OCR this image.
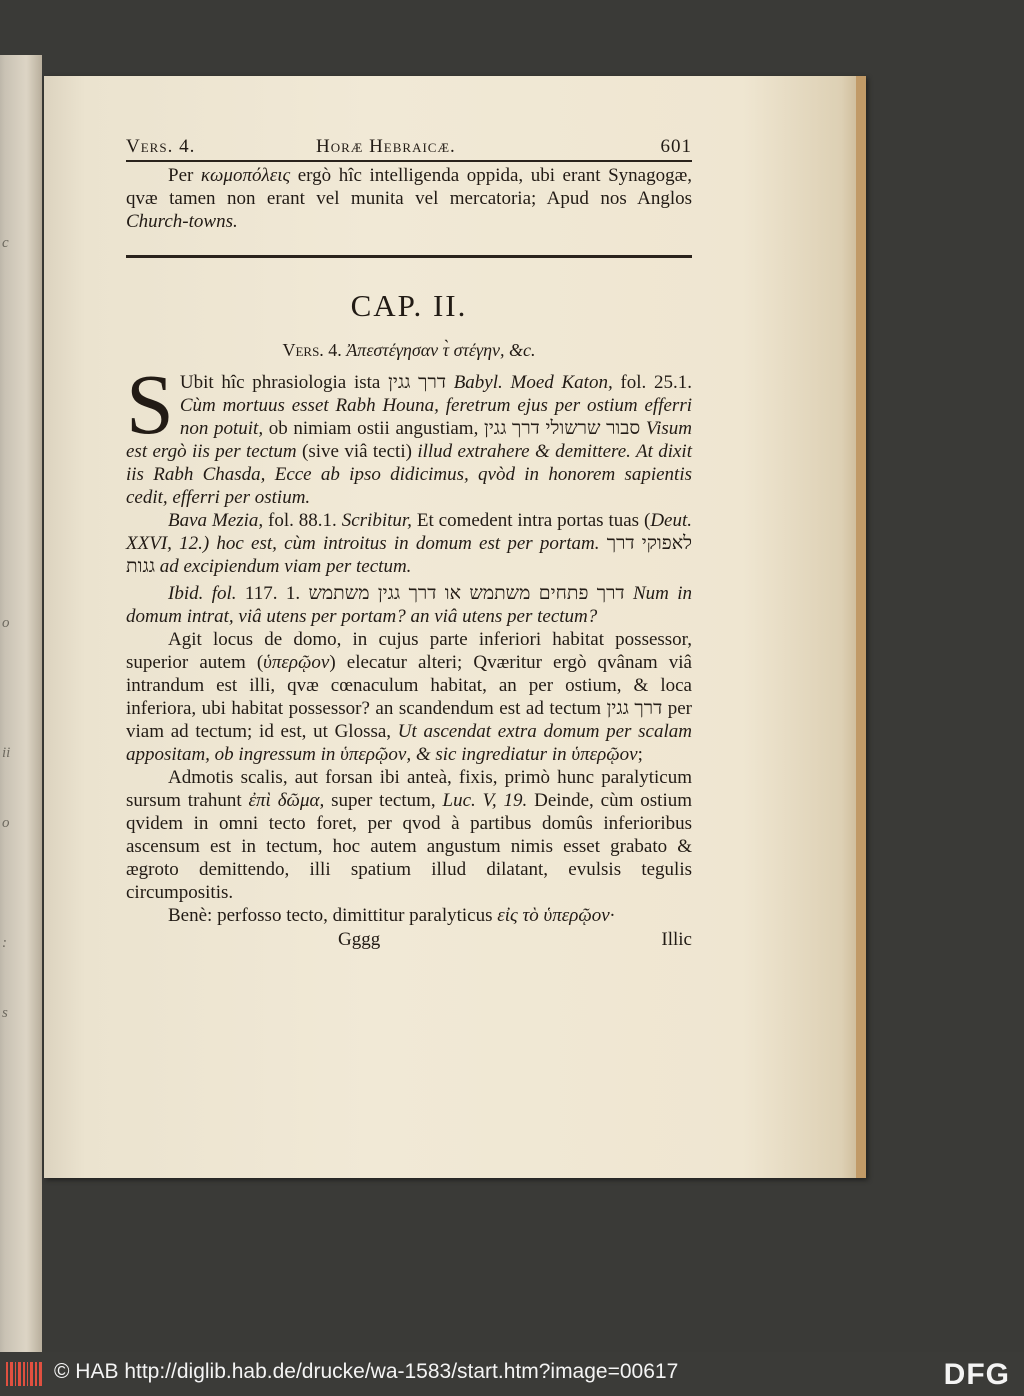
c
o
ii
o
:
s
Vers. 4.	Horæ Hebraicæ.	601

Per κωμοπόλεις ergò hîc intelligenda oppida, ubi erant Synagogæ, qvæ tamen non erant vel munita vel mercatoria; Apud nos Anglos Church-towns.

CAP. II.
Vers. 4. Ἀπεστέγησαν τ̀ στέγην, &c.

S Ubit hîc phrasiologia ista דרך גגין Babyl. Moed Katon, fol. 25.1. Cùm mortuus esset Rabh Houna, feretrum ejus per ostium efferri non potuit, ob nimiam ostii angustiam, סבור שרשולי דרך גגין Visum est ergò iis per tectum (sive viâ tecti) illud extrahere & demittere. At dixit iis Rabh Chasda, Ecce ab ipso didicimus, qvòd in honorem sapientis cedit, efferri per ostium.

Bava Mezia, fol. 88.1. Scribitur, Et comedent intra portas tuas (Deut. XXVI, 12.) hoc est, cùm introitus in domum est per portam. לאפוקי דרך גגות ad excipiendum viam per tectum.

Ibid. fol. 117. 1. דרך פתחים משתמש או דרך גגין משתמש Num in domum intrat, viâ utens per portam? an viâ utens per tectum?

Agit locus de domo, in cujus parte inferiori habitat possessor, superior autem (ὑπερῷον) elecatur alteri; Qværitur ergò qvânam viâ intrandum est illi, qvæ cœnaculum habitat, an per ostium, & loca inferiora, ubi habitat possessor? an scandendum est ad tectum דרך גגין per viam ad tectum; id est, ut Glossa, Ut ascendat extra domum per scalam appositam, ob ingressum in ὑπερῷον, & sic ingrediatur in ὑπερῷον;

Admotis scalis, aut forsan ibi anteà, fixis, primò hunc paralyticum sursum trahunt ἐπὶ δῶμα, super tectum, Luc. V, 19. Deinde, cùm ostium qvidem in omni tecto foret, per qvod à partibus domûs inferioribus ascensum est in tectum, hoc autem angustum nimis esset grabato & ægroto demittendo, illi spatium illud dilatant, evulsis tegulis circumpositis.

Benè: perfosso tecto, dimittitur paralyticus εἰς τὸ ὑπερῷον·

Gggg	Illic
© HAB http://diglib.hab.de/drucke/wa-1583/start.htm?image=00617	DFG
